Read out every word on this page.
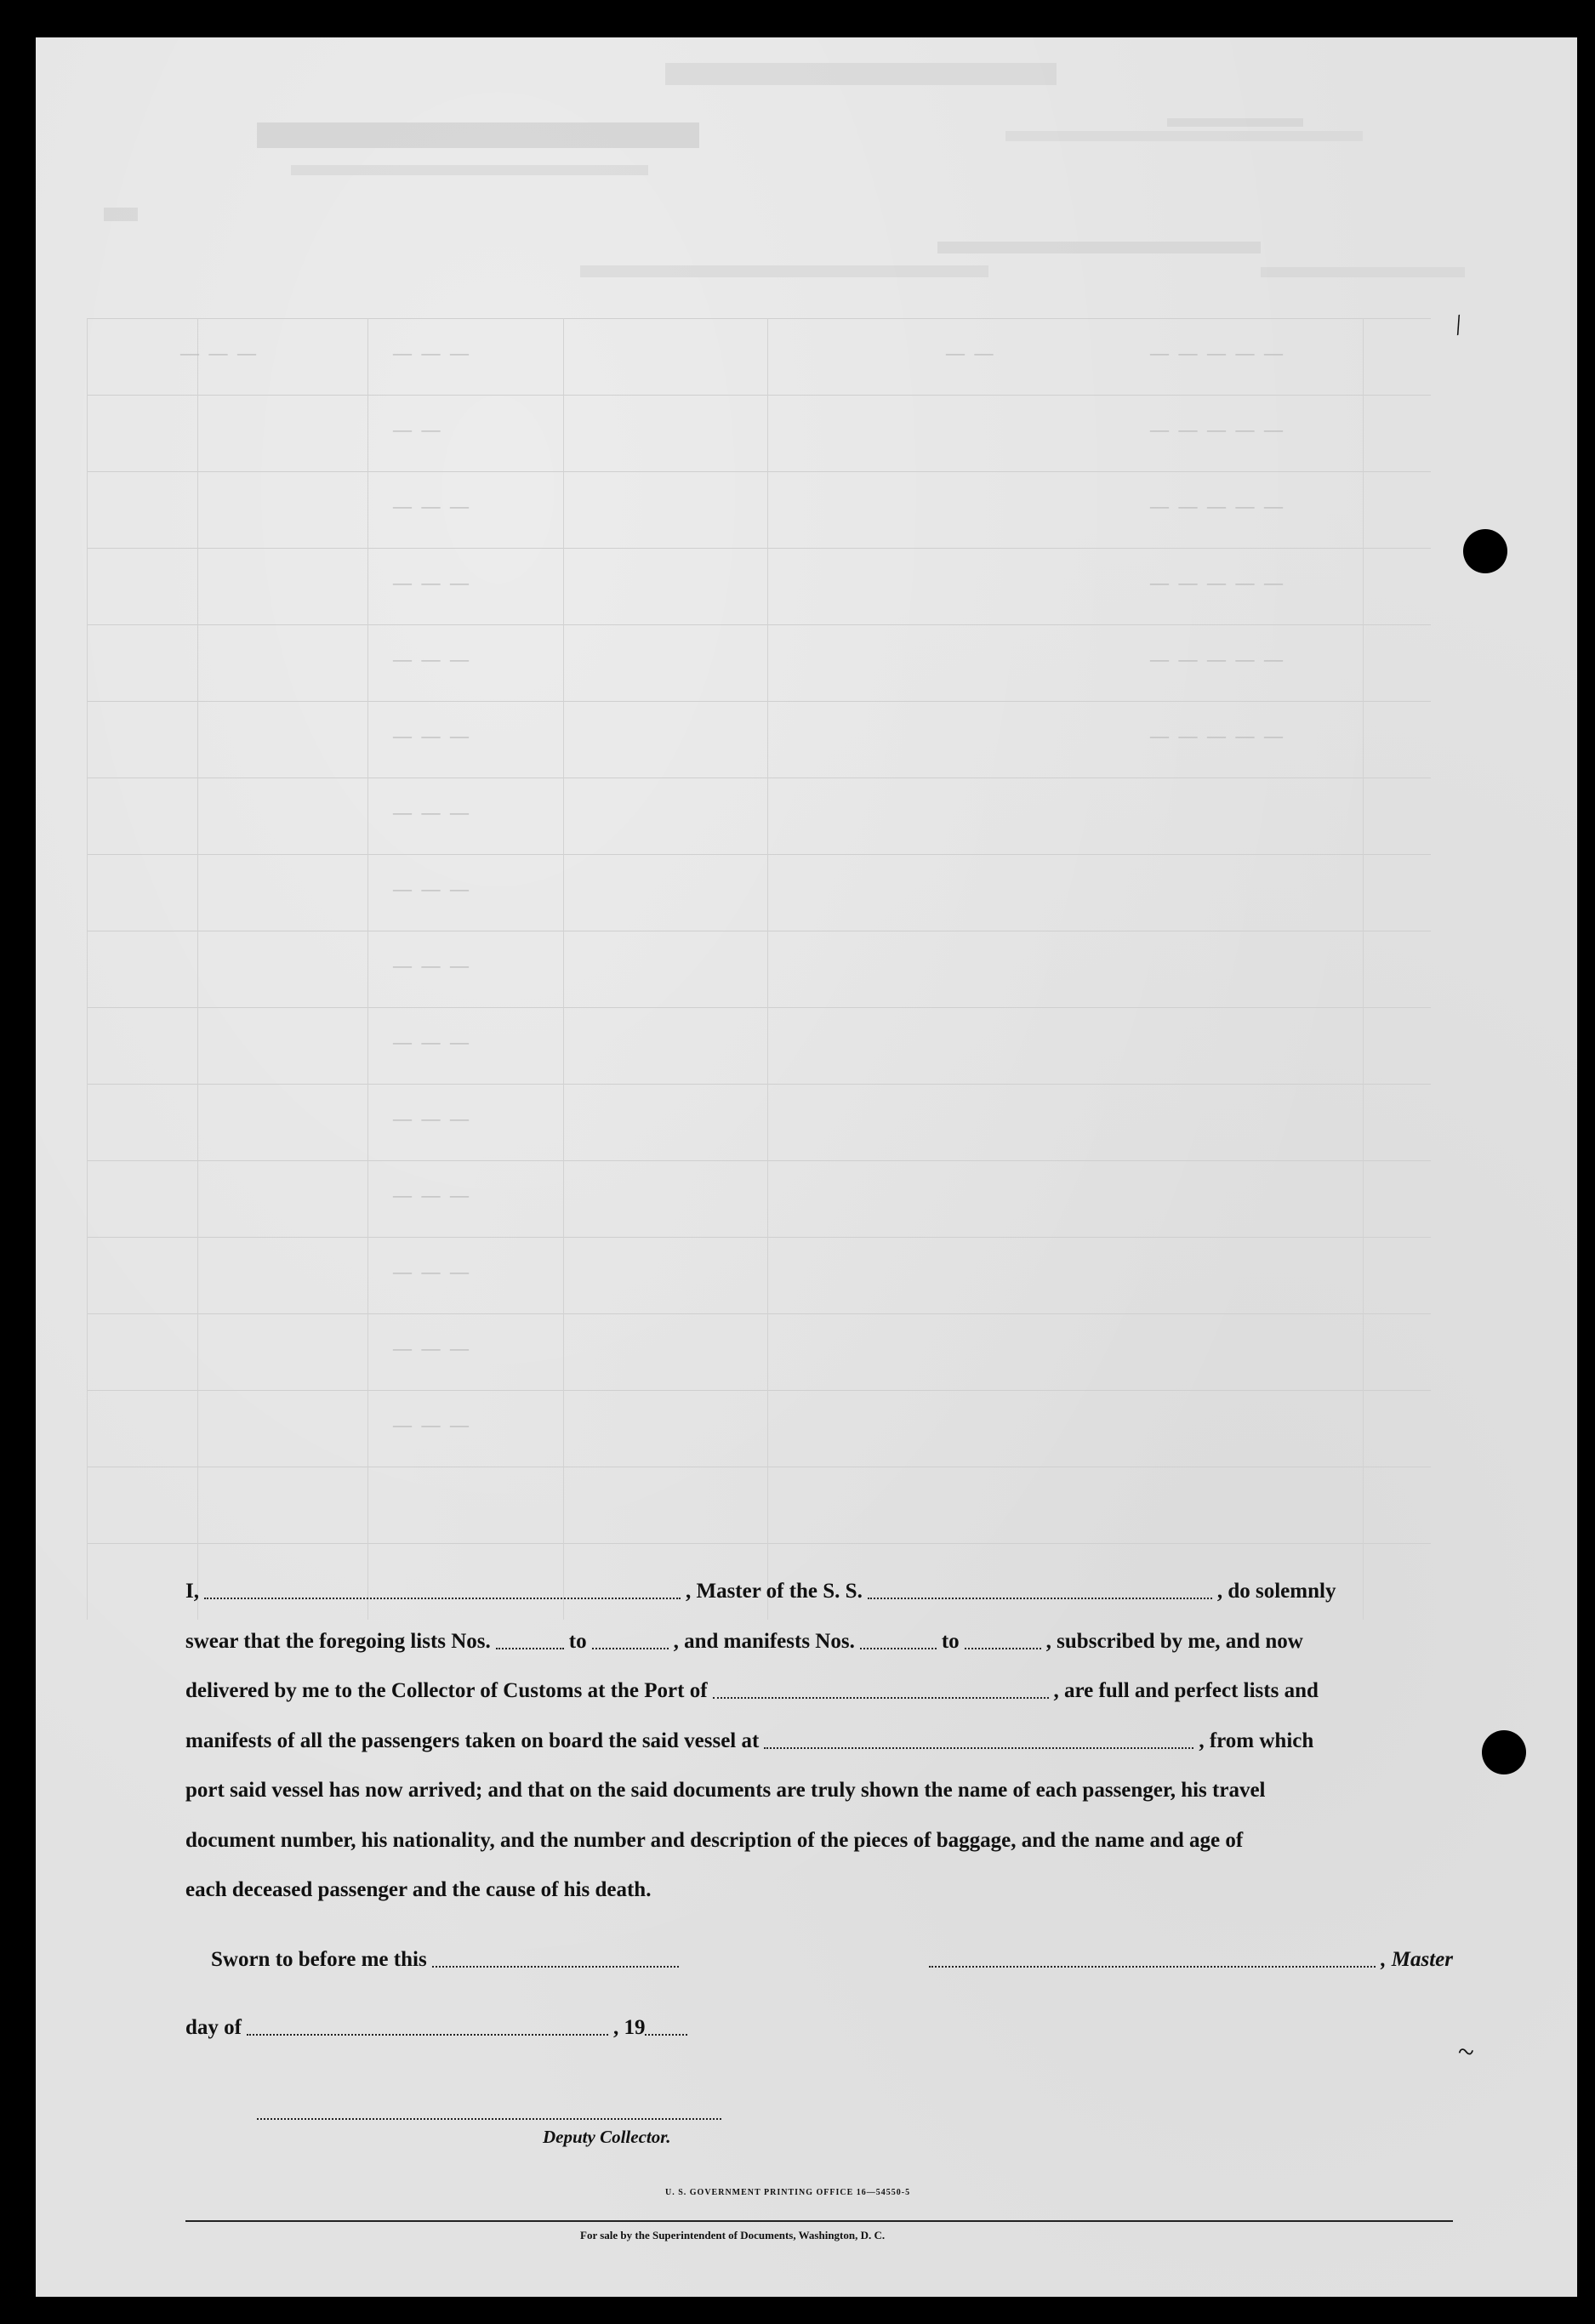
— — —	— — —	— —	— — — — —
— —	— — — — —
— — —	— — — — —
— — —	— — — — —
— — —	— — — — —
— — —	— — — — —
— — —
— — —
— — —
— — —
— — —
— — —
— — —
— — —
— — —
/
~
I,	, Master of the S. S.	, do solemnly
swear that the foregoing lists Nos.	to	, and manifests Nos.	to	, subscribed by me, and now
delivered by me to the Collector of Customs at the Port of	, are full and perfect lists and
manifests of all the passengers taken on board the said vessel at	, from which
port said vessel has now arrived; and that on the said documents are truly shown the name of each passenger, his travel
document number, his nationality, and the number and description of the pieces of baggage, and the name and age of
each deceased passenger and the cause of his death.
Sworn to before me this	, Master
day of	, 19
Deputy Collector.
U. S. GOVERNMENT PRINTING OFFICE 16—54550-5
For sale by the Superintendent of Documents, Washington, D. C.
